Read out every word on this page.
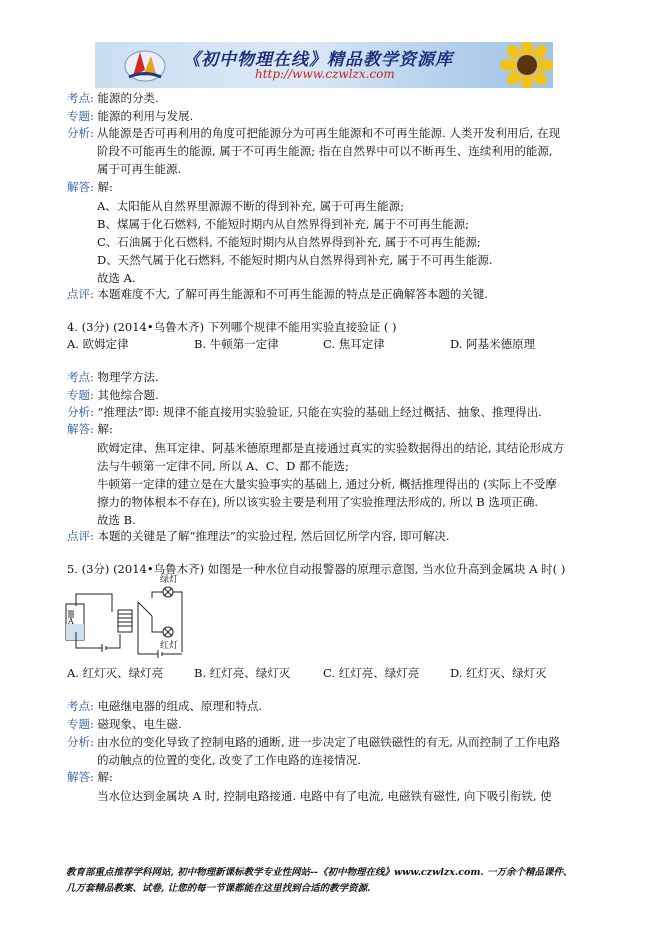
《初中物理在线》精品教学资源库
http://www.czwlzx.com
考点: 能源的分类.
专题: 能源的利用与发展.
分析: 从能源是否可再利用的角度可把能源分为可再生能源和不可再生能源. 人类开发利用后, 在现
阶段不可能再生的能源, 属于不可再生能源; 指在自然界中可以不断再生、连续利用的能源,
属于可再生能源.
解答: 解:
A、太阳能从自然界里源源不断的得到补充, 属于可再生能源;
B、煤属于化石燃料, 不能短时期内从自然界得到补充, 属于不可再生能源;
C、石油属于化石燃料, 不能短时期内从自然界得到补充, 属于不可再生能源;
D、天然气属于化石燃料, 不能短时期内从自然界得到补充, 属于不可再生能源.
故选 A.
点评: 本题难度不大, 了解可再生能源和不可再生能源的特点是正确解答本题的关键.
4. (3分) (2014•乌鲁木齐) 下列哪个规律不能用实验直接验证 ( )
A. 欧姆定律	B. 牛顿第一定律	C. 焦耳定律	D. 阿基米德原理
考点: 物理学方法.
专题: 其他综合题.
分析: “推理法”即: 规律不能直接用实验验证, 只能在实验的基础上经过概括、抽象、推理得出.
解答: 解:
欧姆定律、焦耳定律、阿基米德原理都是直接通过真实的实验数据得出的结论, 其结论形成方
法与牛顿第一定律不同, 所以 A、C、D 都不能选;
牛顿第一定律的建立是在大量实验事实的基础上, 通过分析, 概括推理得出的 (实际上不受摩
擦力的物体根本不存在), 所以该实验主要是利用了实验推理法形成的, 所以 B 选项正确.
故选 B.
点评: 本题的关键是了解“推理法”的实验过程, 然后回忆所学内容, 即可解决.
5. (3分) (2014•乌鲁木齐) 如图是一种水位自动报警器的原理示意图, 当水位升高到金属块 A 时( )
A
绿灯
红灯
A. 红灯灭、绿灯亮	B. 红灯亮、绿灯灭	C. 红灯亮、绿灯亮	D. 红灯灭、绿灯灭
考点: 电磁继电器的组成、原理和特点.
专题: 磁现象、电生磁.
分析: 由水位的变化导致了控制电路的通断, 进一步决定了电磁铁磁性的有无, 从而控制了工作电路
的动触点的位置的变化, 改变了工作电路的连接情况.
解答: 解:
当水位达到金属块 A 时, 控制电路接通. 电路中有了电流, 电磁铁有磁性, 向下吸引衔铁, 使
教育部重点推荐学科网站, 初中物理新课标教学专业性网站--《初中物理在线》www.czwlzx.com. 一万余个精品课件、
几万套精品教案、试卷, 让您的每一节课都能在这里找到合适的教学资源.
